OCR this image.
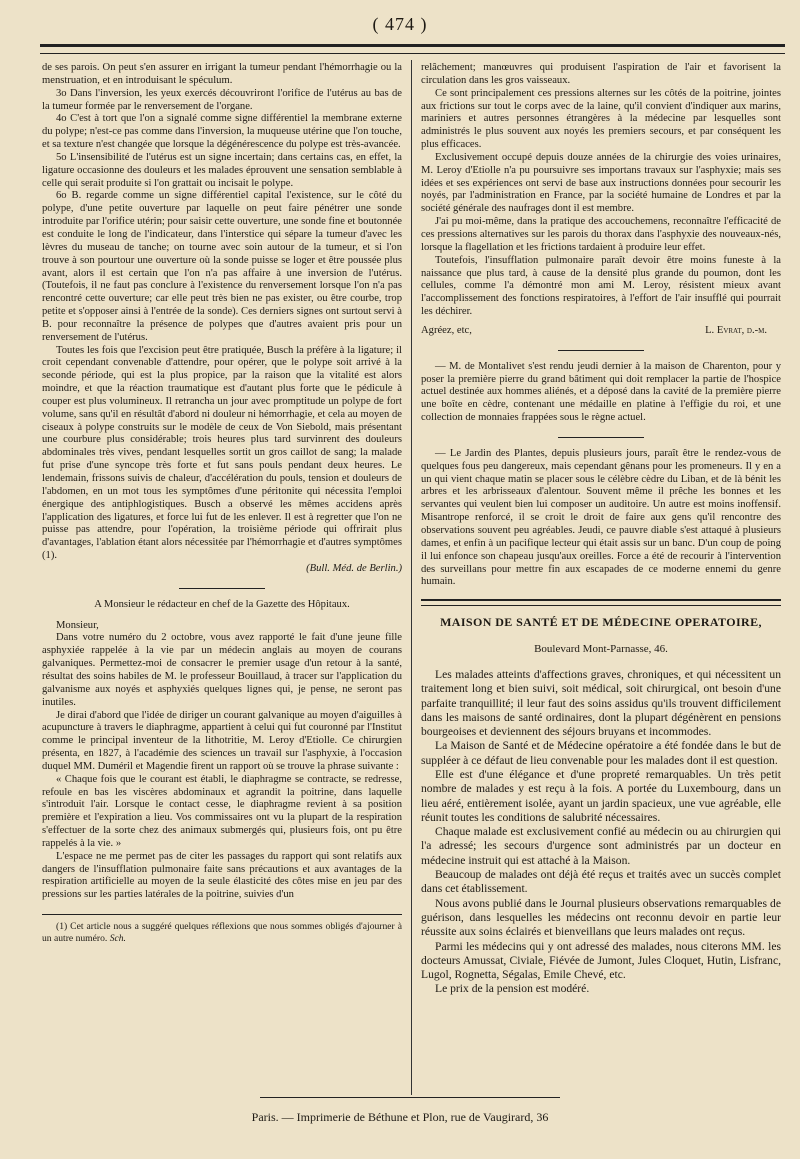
( 474 )

de ses parois. On peut s'en assurer en irrigant la tumeur pendant l'hémorrhagie ou la menstruation, et en introduisant le spéculum.

3o Dans l'inversion, les yeux exercés découvriront l'orifice de l'utérus au bas de la tumeur formée par le renversement de l'organe.

4o C'est à tort que l'on a signalé comme signe différentiel la membrane externe du polype; n'est-ce pas comme dans l'inversion, la muqueuse utérine que l'on touche, et sa texture n'est changée que lorsque la dégénérescence du polype est très-avancée.

5o L'insensibilité de l'utérus est un signe incertain; dans certains cas, en effet, la ligature occasionne des douleurs et les malades éprouvent une sensation semblable à celle qui serait produite si l'on grattait ou incisait le polype.

6o B. regarde comme un signe différentiel capital l'existence, sur le côté du polype, d'une petite ouverture par laquelle on peut faire pénétrer une sonde introduite par l'orifice utérin; pour saisir cette ouverture, une sonde fine et boutonnée est conduite le long de l'indicateur, dans l'interstice qui sépare la tumeur d'avec les lèvres du museau de tanche; on tourne avec soin autour de la tumeur, et si l'on trouve à son pourtour une ouverture où la sonde puisse se loger et être poussée plus avant, alors il est certain que l'on n'a pas affaire à une inversion de l'utérus. (Toutefois, il ne faut pas conclure à l'existence du renversement lorsque l'on n'a pas rencontré cette ouverture; car elle peut très bien ne pas exister, ou être courbe, trop petite et s'opposer ainsi à l'entrée de la sonde). Ces derniers signes ont surtout servi à B. pour reconnaître la présence de polypes que d'autres avaient pris pour un renversement de l'utérus.

Toutes les fois que l'excision peut être pratiquée, Busch la préfère à la ligature; il croit cependant convenable d'attendre, pour opérer, que le polype soit arrivé à la seconde période, qui est la plus propice, par la raison que la vitalité est alors moindre, et que la réaction traumatique est d'autant plus forte que le pédicule à couper est plus volumineux. Il retrancha un jour avec promptitude un polype de fort volume, sans qu'il en résultât d'abord ni douleur ni hémorrhagie, et cela au moyen de ciseaux à polype construits sur le modèle de ceux de Von Siebold, mais présentant une courbure plus considérable; trois heures plus tard survinrent des douleurs abdominales très vives, pendant lesquelles sortit un gros caillot de sang; la malade fut prise d'une syncope très forte et fut sans pouls pendant deux heures. Le lendemain, frissons suivis de chaleur, d'accélération du pouls, tension et douleurs de l'abdomen, en un mot tous les symptômes d'une péritonite qui nécessita l'emploi énergique des antiphlogistiques. Busch a observé les mêmes accidens après l'application des ligatures, et force lui fut de les enlever. Il est à regretter que l'on ne puisse pas attendre, pour l'opération, la troisième période qui offrirait plus d'avantages, l'ablation étant alors nécessitée par l'hémorrhagie et d'autres symptômes (1).

(Bull. Méd. de Berlin.)

A Monsieur le rédacteur en chef de la Gazette des Hôpitaux.

Monsieur,

Dans votre numéro du 2 octobre, vous avez rapporté le fait d'une jeune fille asphyxiée rappelée à la vie par un médecin anglais au moyen de courans galvaniques. Permettez-moi de consacrer le premier usage d'un retour à la santé, résultat des soins habiles de M. le professeur Bouillaud, à tracer sur l'application du galvanisme aux noyés et asphyxiés quelques lignes qui, je pense, ne seront pas inutiles.

Je dirai d'abord que l'idée de diriger un courant galvanique au moyen d'aiguilles à acupuncture à travers le diaphragme, appartient à celui qui fut couronné par l'Institut comme le principal inventeur de la lithotritie, M. Leroy d'Etiolle. Ce chirurgien présenta, en 1827, à l'académie des sciences un travail sur l'asphyxie, à l'occasion duquel MM. Duméril et Magendie firent un rapport où se trouve la phrase suivante :

« Chaque fois que le courant est établi, le diaphragme se contracte, se redresse, refoule en bas les viscères abdominaux et agrandit la poitrine, dans laquelle s'introduit l'air. Lorsque le contact cesse, le diaphragme revient à sa position première et l'expiration a lieu. Vos commissaires ont vu la plupart de la respiration s'effectuer de la sorte chez des animaux submergés qui, plusieurs fois, ont pu être rappelés à la vie. »

L'espace ne me permet pas de citer les passages du rapport qui sont relatifs aux dangers de l'insufflation pulmonaire faite sans précautions et aux avantages de la respiration artificielle au moyen de la seule élasticité des côtes mise en jeu par des pressions sur les parties latérales de la poitrine, suivies d'un

(1) Cet article nous a suggéré quelques réflexions que nous sommes obligés d'ajourner à un autre numéro. Sch.

relâchement; manœuvres qui produisent l'aspiration de l'air et favorisent la circulation dans les gros vaisseaux.

Ce sont principalement ces pressions alternes sur les côtés de la poitrine, jointes aux frictions sur tout le corps avec de la laine, qu'il convient d'indiquer aux marins, mariniers et autres personnes étrangères à la médecine par lesquelles sont administrés le plus souvent aux noyés les premiers secours, et par conséquent les plus efficaces.

Exclusivement occupé depuis douze années de la chirurgie des voies urinaires, M. Leroy d'Etiolle n'a pu poursuivre ses importans travaux sur l'asphyxie; mais ses idées et ses expériences ont servi de base aux instructions données pour secourir les noyés, par l'administration en France, par la société humaine de Londres et par la société générale des naufrages dont il est membre.

J'ai pu moi-même, dans la pratique des accouchemens, reconnaître l'efficacité de ces pressions alternatives sur les parois du thorax dans l'asphyxie des nouveaux-nés, lorsque la flagellation et les frictions tardaient à produire leur effet.

Toutefois, l'insufflation pulmonaire paraît devoir être moins funeste à la naissance que plus tard, à cause de la densité plus grande du poumon, dont les cellules, comme l'a démontré mon ami M. Leroy, résistent mieux avant l'accomplissement des fonctions respiratoires, à l'effort de l'air insufflé qui pourrait les déchirer.

Agréez, etc,	L. Evrat, d.-m.

— M. de Montalivet s'est rendu jeudi dernier à la maison de Charenton, pour y poser la première pierre du grand bâtiment qui doit remplacer la partie de l'hospice actuel destinée aux hommes aliénés, et a déposé dans la cavité de la première pierre une boîte en cèdre, contenant une médaille en platine à l'effigie du roi, et une collection de monnaies frappées sous le règne actuel.

— Le Jardin des Plantes, depuis plusieurs jours, paraît être le rendez-vous de quelques fous peu dangereux, mais cependant gênans pour les promeneurs. Il y en a un qui vient chaque matin se placer sous le célèbre cèdre du Liban, et de là bénit les arbres et les arbrisseaux d'alentour. Souvent même il prêche les bonnes et les servantes qui veulent bien lui composer un auditoire. Un autre est moins inoffensif. Misantrope renforcé, il se croit le droit de faire aux gens qu'il rencontre des observations souvent peu agréables. Jeudi, ce pauvre diable s'est attaqué à plusieurs dames, et enfin à un pacifique lecteur qui était assis sur un banc. D'un coup de poing il lui enfonce son chapeau jusqu'aux oreilles. Force a été de recourir à l'intervention des surveillans pour mettre fin aux escapades de ce moderne ennemi du genre humain.

MAISON DE SANTÉ ET DE MÉDECINE OPERATOIRE,

Boulevard Mont-Parnasse, 46.

Les malades atteints d'affections graves, chroniques, et qui nécessitent un traitement long et bien suivi, soit médical, soit chirurgical, ont besoin d'une parfaite tranquillité; il leur faut des soins assidus qu'ils trouvent difficilement dans les maisons de santé ordinaires, dont la plupart dégénèrent en pensions bourgeoises et deviennent des séjours bruyans et incommodes.

La Maison de Santé et de Médecine opératoire a été fondée dans le but de suppléer à ce défaut de lieu convenable pour les malades dont il est question.

Elle est d'une élégance et d'une propreté remarquables. Un très petit nombre de malades y est reçu à la fois. A portée du Luxembourg, dans un lieu aéré, entièrement isolée, ayant un jardin spacieux, une vue agréable, elle réunit toutes les conditions de salubrité nécessaires.

Chaque malade est exclusivement confié au médecin ou au chirurgien qui l'a adressé; les secours d'urgence sont administrés par un docteur en médecine instruit qui est attaché à la Maison.

Beaucoup de malades ont déjà été reçus et traités avec un succès complet dans cet établissement.

Nous avons publié dans le Journal plusieurs observations remarquables de guérison, dans lesquelles les médecins ont reconnu devoir en partie leur réussite aux soins éclairés et bienveillans que leurs malades ont reçus.

Parmi les médecins qui y ont adressé des malades, nous citerons MM. les docteurs Amussat, Civiale, Fiévée de Jumont, Jules Cloquet, Hutin, Lisfranc, Lugol, Rognetta, Ségalas, Emile Chevé, etc.

Le prix de la pension est modéré.

Paris. — Imprimerie de Béthune et Plon, rue de Vaugirard, 36
